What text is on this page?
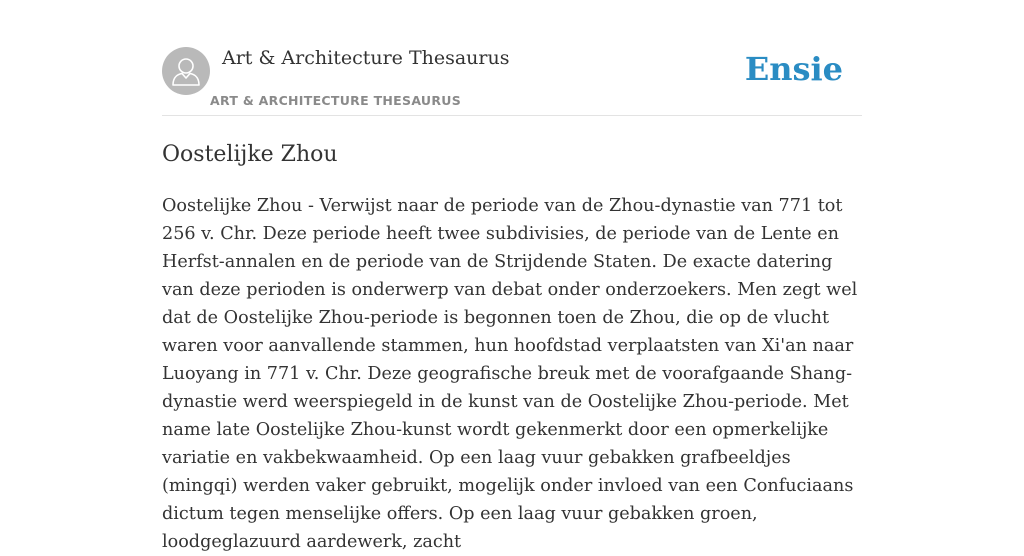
Art & Architecture Thesaurus
ART & ARCHITECTURE THESAURUS
Ensie
Oostelijke Zhou

Oostelijke Zhou - Verwijst naar de periode van de Zhou-dynastie van 771 tot 256 v. Chr. Deze periode heeft twee subdivisies, de periode van de Lente en Herfst-annalen en de periode van de Strijdende Staten. De exacte datering van deze perioden is onderwerp van debat onder onderzoekers. Men zegt wel dat de Oostelijke Zhou-periode is begonnen toen de Zhou, die op de vlucht waren voor aanvallende stammen, hun hoofdstad verplaatsten van Xi'an naar Luoyang in 771 v. Chr. Deze geografische breuk met de voorafgaande Shang-dynastie werd weerspiegeld in de kunst van de Oostelijke Zhou-periode. Met name late Oostelijke Zhou-kunst wordt gekenmerkt door een opmerkelijke variatie en vakbekwaamheid. Op een laag vuur gebakken grafbeeldjes (mingqi) werden vaker gebruikt, mogelijk onder invloed van een Confuciaans dictum tegen menselijke offers. Op een laag vuur gebakken groen, loodgeglazuurd aardewerk, zacht
